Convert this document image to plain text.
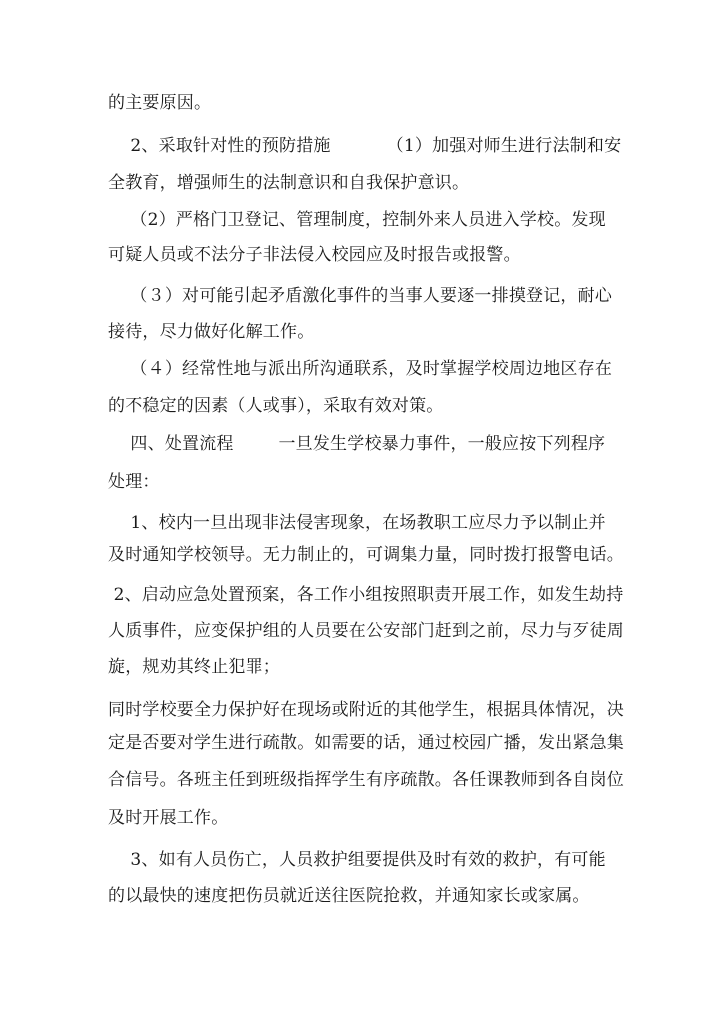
的主要原因。
2、采取针对性的预防措施          （1）加强对师生进行法制和安
全教育，增强师生的法制意识和自我保护意识。
（2）严格门卫登记、管理制度，控制外来人员进入学校。发现
可疑人员或不法分子非法侵入校园应及时报告或报警。
（３）对可能引起矛盾激化事件的当事人要逐一排摸登记，耐心
接待，尽力做好化解工作。
（４）经常性地与派出所沟通联系，及时掌握学校周边地区存在
的不稳定的因素（人或事），采取有效对策。
四、处置流程        一旦发生学校暴力事件，一般应按下列程序
处理：
1、校内一旦出现非法侵害现象，在场教职工应尽力予以制止并
及时通知学校领导。无力制止的，可调集力量，同时拨打报警电话。
2、启动应急处置预案，各工作小组按照职责开展工作，如发生劫持
人质事件，应变保护组的人员要在公安部门赶到之前，尽力与歹徒周
旋，规劝其终止犯罪；
同时学校要全力保护好在现场或附近的其他学生，根据具体情况，决
定是否要对学生进行疏散。如需要的话，通过校园广播，发出紧急集
合信号。各班主任到班级指挥学生有序疏散。各任课教师到各自岗位
及时开展工作。
3、如有人员伤亡，人员救护组要提供及时有效的救护，有可能
的以最快的速度把伤员就近送往医院抢救，并通知家长或家属。
